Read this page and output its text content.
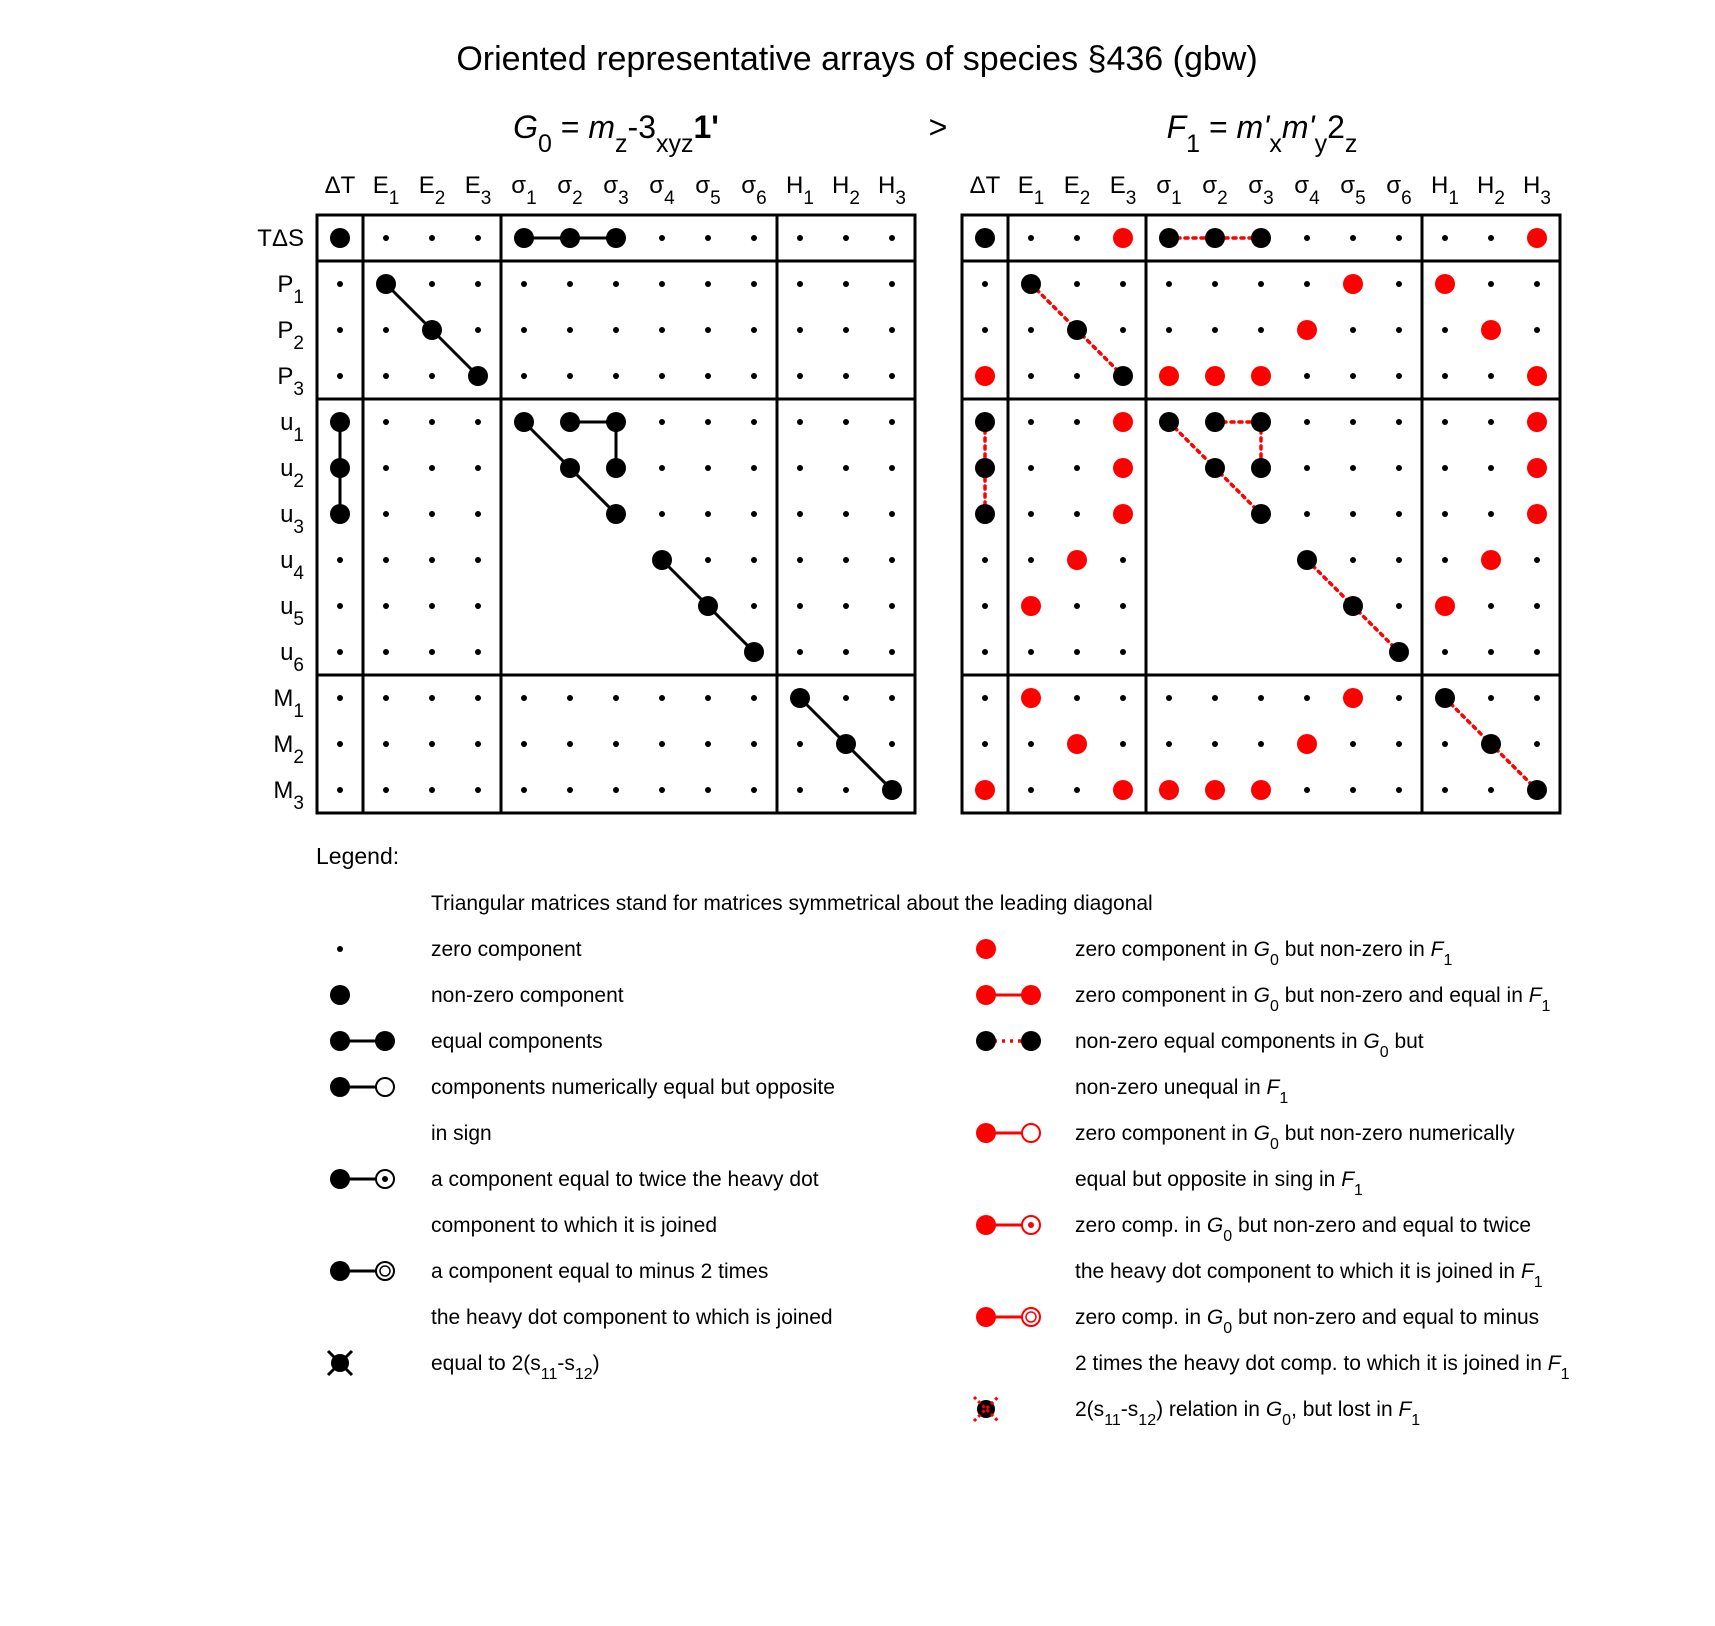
Oriented representative arrays of species §436 (gbw)
>
$G_0 = m_z-3_{xyz}1'$	$F_1 = m'_xm'_y2_z$
ΔT $E_1$ $E_2$ $E_3$ $\sigma_1$ $\sigma_2$ $\sigma_3$ $\sigma_4$ $\sigma_5$ $\sigma_6$ $H_1$ $H_2$ $H_3$	ΔT $E_1$ $E_2$ $E_3$ $\sigma_1$ $\sigma_2$ $\sigma_3$ $\sigma_4$ $\sigma_5$ $\sigma_6$ $H_1$ $H_2$ $H_3$
TΔS
$P_1$
$P_2$
$P_3$
$u_1$
$u_2$
$u_3$
$u_4$
$u_5$
$u_6$
$M_1$
$M_2$
$M_3$
Legend:
Triangular matrices stand for matrices symmetrical about the leading diagonal
zero component
non-zero component
equal components
components numerically equal but opposite
in sign
a component equal to twice the heavy dot
component to which it is joined
a component equal to minus 2 times
the heavy dot component to which is joined
equal to $2(s_{11}-s_{12})$
zero component in $G_0$ but non-zero in $F_1$
zero component in $G_0$ but non-zero and equal in $F_1$
non-zero equal components in $G_0$ but
non-zero unequal in $F_1$
zero component in $G_0$ but non-zero numerically
equal but opposite in sing in $F_1$
zero comp. in $G_0$ but non-zero and equal to twice
the heavy dot component to which it is joined in $F_1$
zero comp. in $G_0$ but non-zero and equal to minus
2 times the heavy dot comp. to which it is joined in $F_1$
$2(s_{11}-s_{12})$ relation in $G_0$, but lost in $F_1$
